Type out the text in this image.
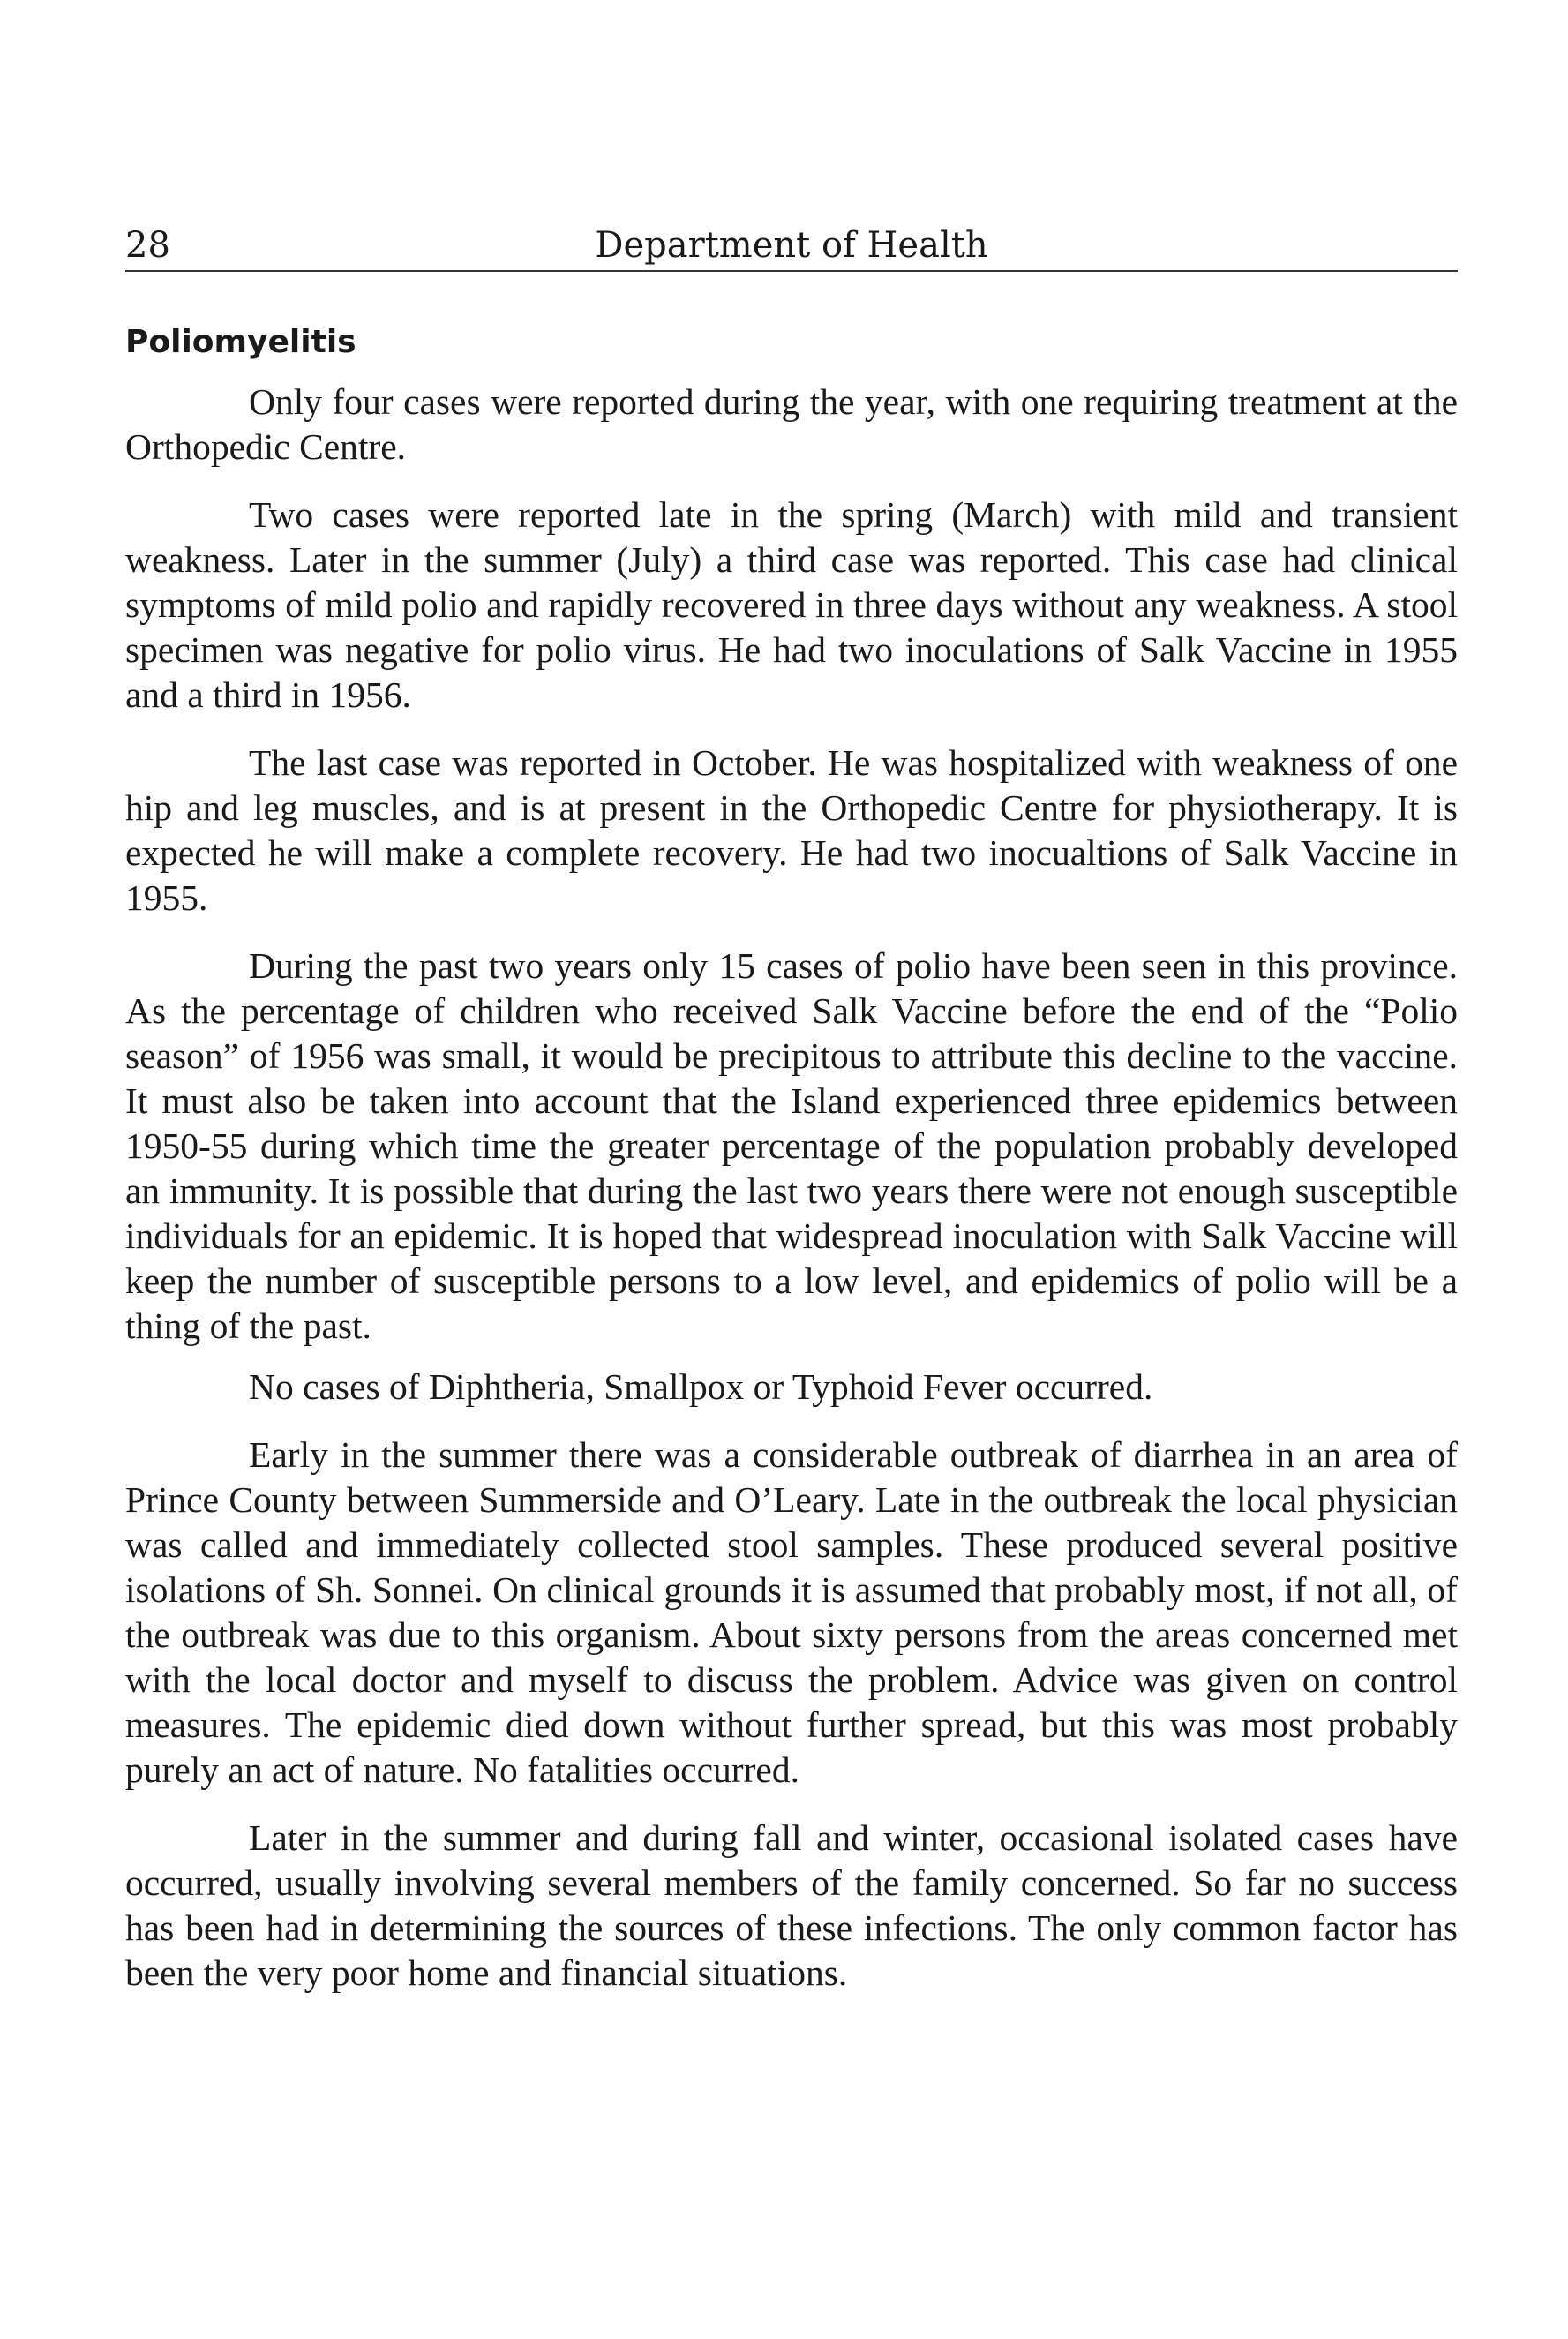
28	Department of Health
Poliomyelitis

Only four cases were reported during the year, with one requiring treatment at the Orthopedic Centre.

Two cases were reported late in the spring (March) with mild and transient weakness. Later in the summer (July) a third case was reported. This case had clinical symptoms of mild polio and rapidly recovered in three days without any weakness. A stool specimen was negative for polio virus. He had two inoculations of Salk Vaccine in 1955 and a third in 1956.

The last case was reported in October. He was hospitalized with weakness of one hip and leg muscles, and is at present in the Orthopedic Centre for physiotherapy. It is expected he will make a complete recovery. He had two inocualtions of Salk Vaccine in 1955.

During the past two years only 15 cases of polio have been seen in this province. As the percentage of children who received Salk Vaccine before the end of the “Polio season” of 1956 was small, it would be precipitous to attribute this decline to the vaccine. It must also be taken into account that the Island experienced three epidemics between 1950-55 during which time the greater percentage of the population probably developed an immunity. It is possible that during the last two years there were not enough susceptible individuals for an epidemic. It is hoped that widespread inoculation with Salk Vaccine will keep the number of susceptible persons to a low level, and epidemics of polio will be a thing of the past.

No cases of Diphtheria, Smallpox or Typhoid Fever occurred.

Early in the summer there was a considerable outbreak of diarrhea in an area of Prince County between Summerside and O’Leary. Late in the outbreak the local physician was called and immediately collected stool samples. These produced several positive isolations of Sh. Sonnei. On clinical grounds it is assumed that probably most, if not all, of the outbreak was due to this organism. About sixty persons from the areas concerned met with the local doctor and myself to discuss the problem. Advice was given on control measures. The epidemic died down without further spread, but this was most probably purely an act of nature. No fatalities occurred.

Later in the summer and during fall and winter, occasional isolated cases have occurred, usually involving several members of the family concerned. So far no success has been had in determining the sources of these infections. The only common factor has been the very poor home and financial situations.
